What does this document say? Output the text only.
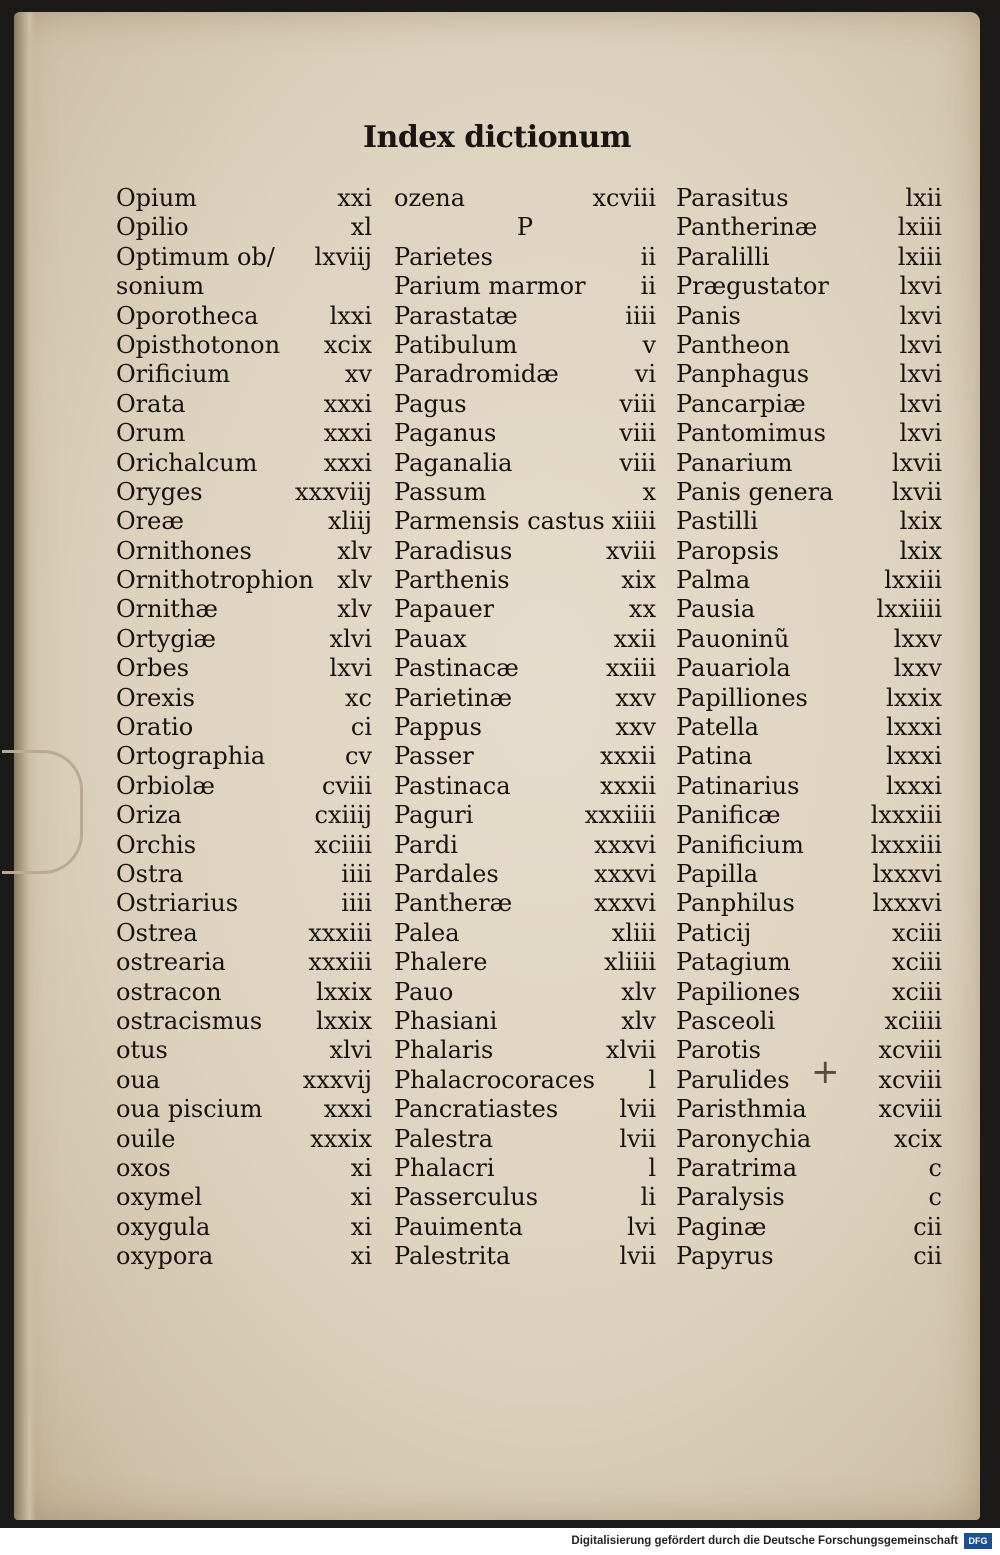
Index dictionum
Opium	xxi
Opilio	xl
Optimum ob/ lxviij
sonium
Oporotheca	lxxi
Opisthotonon xcix
Orificium	xv
Orata	xxxi
Orum	xxxi
Orichalcum	xxxi
Oryges	xxxviij
Oreæ	xliij
Ornithones	xlv
Ornithotrophion xlv
Ornithæ	xlv
Ortygiæ	xlvi
Orbes	lxvi
Orexis	xc
Oratio	ci
Ortographia	cv
Orbiolæ	cviii
Oriza	cxiiij
Orchis	xciiii
Ostra	iiii
Ostriarius	iiii
Ostrea	xxxiii
ostrearia	xxxiii
ostracon	lxxix
ostracismus lxxix
otus	xlvi
oua	xxxvij
oua piscium	xxxi
ouile	xxxix
oxos	xi
oxymel	xi
oxygula	xi
oxypora	xi
ozena	xcviii
P
Parietes	ii
Parium marmor ii
Parastatæ	iiii
Patibulum	v
Paradromidæ	vi
Pagus	viii
Paganus	viii
Paganalia	viii
Passum	x
Parmensis castus xiiii
Paradisus	xviii
Parthenis	xix
Papauer	xx
Pauax	xxii
Pastinacæ	xxiii
Parietinæ	xxv
Pappus	xxv
Passer	xxxii
Pastinaca	xxxii
Paguri	xxxiiii
Pardi	xxxvi
Pardales	xxxvi
Pantheræ	xxxvi
Palea	xliii
Phalere	xliiii
Pauo	xlv
Phasiani	xlv
Phalaris	xlvii
Phalacrocoraces l
Pancratiastes	lvii
Palestra	lvii
Phalacri	l
Passerculus	li
Pauimenta	lvi
Palestrita	lvii
Parasitus	lxii
Pantherinæ	lxiii
Paralilli	lxiii
Prægustator	lxvi
Panis	lxvi
Pantheon	lxvi
Panphagus	lxvi
Pancarpiæ	lxvi
Pantomimus	lxvi
Panarium	lxvii
Panis genera lxvii
Pastilli	lxix
Paropsis	lxix
Palma	lxxiii
Pausia	lxxiiii
Pauoninũ	lxxv
Pauariola	lxxv
Papilliones	lxxix
Patella	lxxxi
Patina	lxxxi
Patinarius	lxxxi
Panificæ	lxxxiii
Panificium	lxxxiii
Papilla	lxxxvi
Panphilus	lxxxvi
Paticij	xciii
Patagium	xciii
Papiliones	xciii
Pasceoli	xciiii
Parotis	xcviii
Parulides	xcviii
Paristhmia	xcviii
Paronychia	xcix
Paratrima	c
Paralysis	c
Paginæ	cii
Papyrus	cii
+
Digitalisierung gefördert durch die Deutsche Forschungsgemeinschaft	DFG
